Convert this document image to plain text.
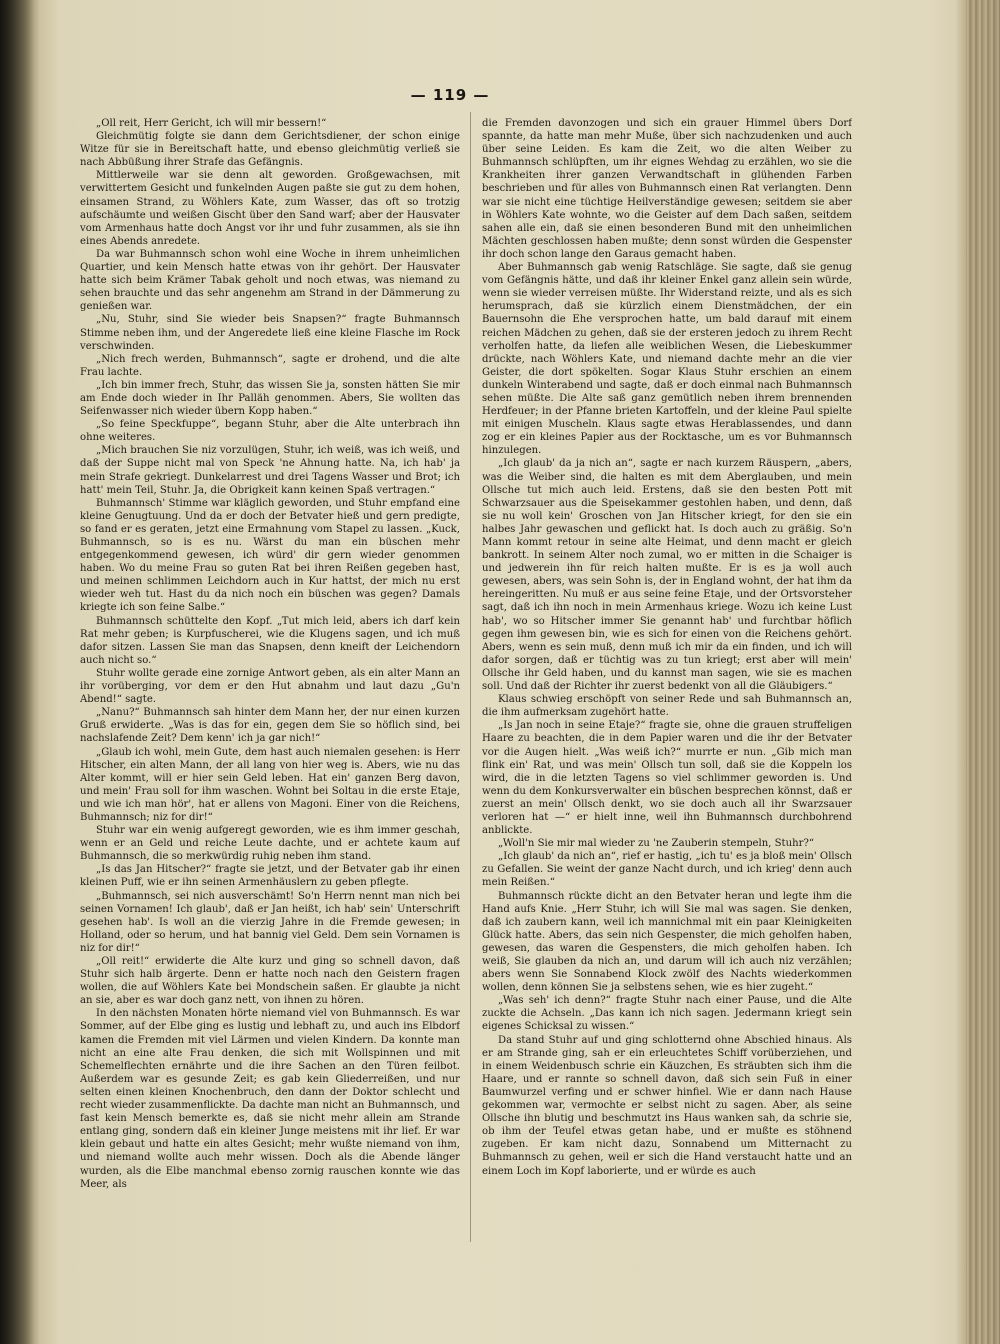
— 119 —

„Oll reit, Herr Gericht, ich will mir bessern!“

Gleichmütig folgte sie dann dem Gerichtsdiener, der schon einige Witze für sie in Bereitschaft hatte, und ebenso gleichmütig verließ sie nach Abbüßung ihrer Strafe das Gefängnis.

Mittlerweile war sie denn alt geworden. Großgewachsen, mit verwittertem Gesicht und funkelnden Augen paßte sie gut zu dem hohen, einsamen Strand, zu Wöhlers Kate, zum Wasser, das oft so trotzig aufschäumte und weißen Gischt über den Sand warf; aber der Hausvater vom Armenhaus hatte doch Angst vor ihr und fuhr zusammen, als sie ihn eines Abends anredete.

Da war Buhmannsch schon wohl eine Woche in ihrem unheimlichen Quartier, und kein Mensch hatte etwas von ihr gehört. Der Hausvater hatte sich beim Krämer Tabak geholt und noch etwas, was niemand zu sehen brauchte und das sehr angenehm am Strand in der Dämmerung zu genießen war.

„Nu, Stuhr, sind Sie wieder beis Snapsen?“ fragte Buhmannsch Stimme neben ihm, und der Angeredete ließ eine kleine Flasche im Rock verschwinden.

„Nich frech werden, Buhmannsch“, sagte er drohend, und die alte Frau lachte.

„Ich bin immer frech, Stuhr, das wissen Sie ja, sonsten hätten Sie mir am Ende doch wieder in Ihr Palläh genommen. Abers, Sie wollten das Seifenwasser nich wieder übern Kopp haben.“

„So feine Speckfuppe“, begann Stuhr, aber die Alte unterbrach ihn ohne weiteres.

„Mich brauchen Sie niz vorzulügen, Stuhr, ich weiß, was ich weiß, und daß der Suppe nicht mal von Speck 'ne Ahnung hatte. Na, ich hab' ja mein Strafe gekriegt. Dunkelarrest und drei Tagens Wasser und Brot; ich hatt' mein Teil, Stuhr. Ja, die Obrigkeit kann keinen Spaß vertragen.“

Buhmannsch' Stimme war kläglich geworden, und Stuhr empfand eine kleine Genugtuung. Und da er doch der Betvater hieß und gern predigte, so fand er es geraten, jetzt eine Ermahnung vom Stapel zu lassen. „Kuck, Buhmannsch, so is es nu. Wärst du man ein büschen mehr entgegenkommend gewesen, ich würd' dir gern wieder genommen haben. Wo du meine Frau so guten Rat bei ihren Reißen gegeben hast, und meinen schlimmen Leichdorn auch in Kur hattst, der mich nu erst wieder weh tut. Hast du da nich noch ein büschen was gegen? Damals kriegte ich son feine Salbe.“

Buhmannsch schüttelte den Kopf. „Tut mich leid, abers ich darf kein Rat mehr geben; is Kurpfuscherei, wie die Klugens sagen, und ich muß dafor sitzen. Lassen Sie man das Snapsen, denn kneift der Leichendorn auch nicht so.“

Stuhr wollte gerade eine zornige Antwort geben, als ein alter Mann an ihr vorüberging, vor dem er den Hut abnahm und laut dazu „Gu'n Abend!“ sagte.

„Nanu?“ Buhmannsch sah hinter dem Mann her, der nur einen kurzen Gruß erwiderte. „Was is das for ein, gegen dem Sie so höflich sind, bei nachslafende Zeit? Dem kenn' ich ja gar nich!“

„Glaub ich wohl, mein Gute, dem hast auch niemalen gesehen: is Herr Hitscher, ein alten Mann, der all lang von hier weg is. Abers, wie nu das Alter kommt, will er hier sein Geld leben. Hat ein' ganzen Berg davon, und mein' Frau soll for ihm waschen. Wohnt bei Soltau in die erste Etaje, und wie ich man hör', hat er allens von Magoni. Einer von die Reichens, Buhmannsch; niz for dir!“

Stuhr war ein wenig aufgeregt geworden, wie es ihm immer geschah, wenn er an Geld und reiche Leute dachte, und er achtete kaum auf Buhmannsch, die so merkwürdig ruhig neben ihm stand.

„Is das Jan Hitscher?“ fragte sie jetzt, und der Betvater gab ihr einen kleinen Puff, wie er ihn seinen Armenhäuslern zu geben pflegte.

„Buhmannsch, sei nich ausverschämt! So'n Herrn nennt man nich bei seinen Vornamen! Ich glaub', daß er Jan heißt, ich hab' sein' Unterschrift gesehen hab'. Is woll an die vierzig Jahre in die Fremde gewesen; in Holland, oder so herum, und hat bannig viel Geld. Dem sein Vornamen is niz for dir!“

„Oll reit!“ erwiderte die Alte kurz und ging so schnell davon, daß Stuhr sich halb ärgerte. Denn er hatte noch nach den Geistern fragen wollen, die auf Wöhlers Kate bei Mondschein saßen. Er glaubte ja nicht an sie, aber es war doch ganz nett, von ihnen zu hören.

In den nächsten Monaten hörte niemand viel von Buhmannsch. Es war Sommer, auf der Elbe ging es lustig und lebhaft zu, und auch ins Elbdorf kamen die Fremden mit viel Lärmen und vielen Kindern. Da konnte man nicht an eine alte Frau denken, die sich mit Wollspinnen und mit Schemelflechten ernährte und die ihre Sachen an den Türen feilbot. Außerdem war es gesunde Zeit; es gab kein Gliederreißen, und nur selten einen kleinen Knochenbruch, den dann der Doktor schlecht und recht wieder zusammenflickte. Da dachte man nicht an Buhmannsch, und fast kein Mensch bemerkte es, daß sie nicht mehr allein am Strande entlang ging, sondern daß ein kleiner Junge meistens mit ihr lief. Er war klein gebaut und hatte ein altes Gesicht; mehr wußte niemand von ihm, und niemand wollte auch mehr wissen. Doch als die Abende länger wurden, als die Elbe manchmal ebenso zornig rauschen konnte wie das Meer, als

die Fremden davonzogen und sich ein grauer Himmel übers Dorf spannte, da hatte man mehr Muße, über sich nachzudenken und auch über seine Leiden. Es kam die Zeit, wo die alten Weiber zu Buhmannsch schlüpften, um ihr eignes Wehdag zu erzählen, wo sie die Krankheiten ihrer ganzen Verwandtschaft in glühenden Farben beschrieben und für alles von Buhmannsch einen Rat verlangten. Denn war sie nicht eine tüchtige Heilverständige gewesen; seitdem sie aber in Wöhlers Kate wohnte, wo die Geister auf dem Dach saßen, seitdem sahen alle ein, daß sie einen besonderen Bund mit den unheimlichen Mächten geschlossen haben mußte; denn sonst würden die Gespenster ihr doch schon lange den Garaus gemacht haben.

Aber Buhmannsch gab wenig Ratschläge. Sie sagte, daß sie genug vom Gefängnis hätte, und daß ihr kleiner Enkel ganz allein sein würde, wenn sie wieder verreisen müßte. Ihr Widerstand reizte, und als es sich herumsprach, daß sie kürzlich einem Dienstmädchen, der ein Bauernsohn die Ehe versprochen hatte, um bald darauf mit einem reichen Mädchen zu gehen, daß sie der ersteren jedoch zu ihrem Recht verholfen hatte, da liefen alle weiblichen Wesen, die Liebeskummer drückte, nach Wöhlers Kate, und niemand dachte mehr an die vier Geister, die dort spökelten. Sogar Klaus Stuhr erschien an einem dunkeln Winterabend und sagte, daß er doch einmal nach Buhmannsch sehen müßte. Die Alte saß ganz gemütlich neben ihrem brennenden Herdfeuer; in der Pfanne brieten Kartoffeln, und der kleine Paul spielte mit einigen Muscheln. Klaus sagte etwas Herablassendes, und dann zog er ein kleines Papier aus der Rocktasche, um es vor Buhmannsch hinzulegen.

„Ich glaub' da ja nich an“, sagte er nach kurzem Räuspern, „abers, was die Weiber sind, die halten es mit dem Aberglauben, und mein Ollsche tut mich auch leid. Erstens, daß sie den besten Pott mit Schwarzsauer aus die Speisekammer gestohlen haben, und denn, daß sie nu woll kein' Groschen von Jan Hitscher kriegt, for den sie ein halbes Jahr gewaschen und geflickt hat. Is doch auch zu gräßig. So'n Mann kommt retour in seine alte Heimat, und denn macht er gleich bankrott. In seinem Alter noch zumal, wo er mitten in die Schaiger is und jedwerein ihn für reich halten mußte. Er is es ja woll auch gewesen, abers, was sein Sohn is, der in England wohnt, der hat ihm da hereingeritten. Nu muß er aus seine feine Etaje, und der Ortsvorsteher sagt, daß ich ihn noch in mein Armenhaus kriege. Wozu ich keine Lust hab', wo so Hitscher immer Sie genannt hab' und furchtbar höflich gegen ihm gewesen bin, wie es sich for einen von die Reichens gehört. Abers, wenn es sein muß, denn muß ich mir da ein finden, und ich will dafor sorgen, daß er tüchtig was zu tun kriegt; erst aber will mein' Ollsche ihr Geld haben, und du kannst man sagen, wie sie es machen soll. Und daß der Richter ihr zuerst bedenkt von all die Gläubigers.“

Klaus schwieg erschöpft von seiner Rede und sah Buhmannsch an, die ihm aufmerksam zugehört hatte.

„Is Jan noch in seine Etaje?“ fragte sie, ohne die grauen struffeligen Haare zu beachten, die in dem Papier waren und die ihr der Betvater vor die Augen hielt. „Was weiß ich?“ murrte er nun. „Gib mich man flink ein' Rat, und was mein' Ollsch tun soll, daß sie die Koppeln los wird, die in die letzten Tagens so viel schlimmer geworden is. Und wenn du dem Konkursverwalter ein büschen besprechen könnst, daß er zuerst an mein' Ollsch denkt, wo sie doch auch all ihr Swarzsauer verloren hat —“ er hielt inne, weil ihn Buhmannsch durchbohrend anblickte.

„Woll'n Sie mir mal wieder zu 'ne Zauberin stempeln, Stuhr?“

„Ich glaub' da nich an“, rief er hastig, „ich tu' es ja bloß mein' Ollsch zu Gefallen. Sie weint der ganze Nacht durch, und ich krieg' denn auch mein Reißen.“

Buhmannsch rückte dicht an den Betvater heran und legte ihm die Hand aufs Knie. „Herr Stuhr, ich will Sie mal was sagen. Sie denken, daß ich zaubern kann, weil ich mannichmal mit ein paar Kleinigkeiten Glück hatte. Abers, das sein nich Gespenster, die mich geholfen haben, gewesen, das waren die Gespensters, die mich geholfen haben. Ich weiß, Sie glauben da nich an, und darum will ich auch niz verzählen; abers wenn Sie Sonnabend Klock zwölf des Nachts wiederkommen wollen, denn können Sie ja selbstens sehen, wie es hier zugeht.“

„Was seh' ich denn?“ fragte Stuhr nach einer Pause, und die Alte zuckte die Achseln. „Das kann ich nich sagen. Jedermann kriegt sein eigenes Schicksal zu wissen.“

Da stand Stuhr auf und ging schlotternd ohne Abschied hinaus. Als er am Strande ging, sah er ein erleuchtetes Schiff vorüberziehen, und in einem Weidenbusch schrie ein Käuzchen, Es sträubten sich ihm die Haare, und er rannte so schnell davon, daß sich sein Fuß in einer Baumwurzel verfing und er schwer hinfiel. Wie er dann nach Hause gekommen war, vermochte er selbst nicht zu sagen. Aber, als seine Ollsche ihn blutig und beschmutzt ins Haus wanken sah, da schrie sie, ob ihm der Teufel etwas getan habe, und er mußte es stöhnend zugeben. Er kam nicht dazu, Sonnabend um Mitternacht zu Buhmannsch zu gehen, weil er sich die Hand verstaucht hatte und an einem Loch im Kopf laborierte, und er würde es auch
